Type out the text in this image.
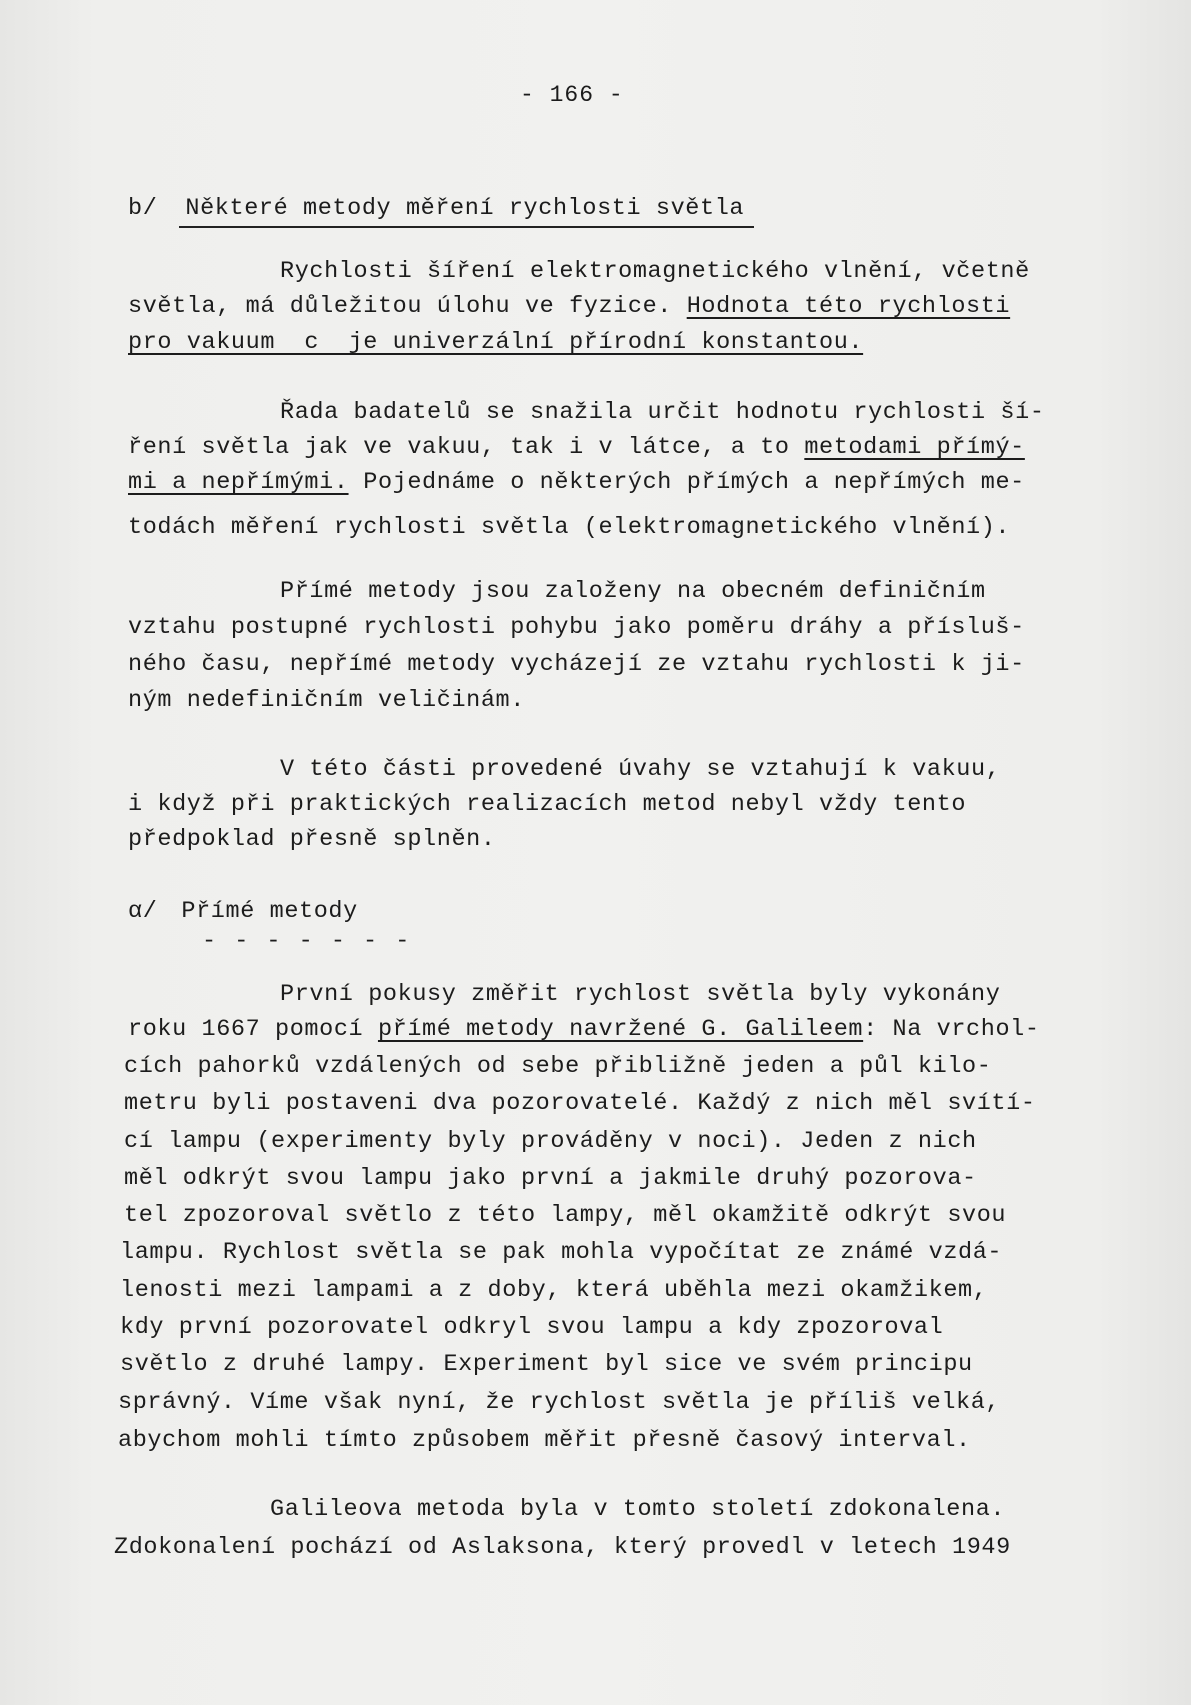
- 166 -
b/ Některé metody měření rychlosti světla
Rychlosti šíření elektromagnetického vlnění, včetně
světla, má důležitou úlohu ve fyzice. Hodnota této rychlosti
pro vakuum  c  je univerzální přírodní konstantou.
Řada badatelů se snažila určit hodnotu rychlosti ší-
ření světla jak ve vakuu, tak i v látce, a to metodami přímý-
mi a nepřímými. Pojednáme o některých přímých a nepřímých me-
todách měření rychlosti světla (elektromagnetického vlnění).
Přímé metody jsou založeny na obecném definičním
vztahu postupné rychlosti pohybu jako poměru dráhy a přísluš-
ného času, nepřímé metody vycházejí ze vztahu rychlosti k ji-
ným nedefiničním veličinám.
V této části provedené úvahy se vztahují k vakuu,
i když při praktických realizacích metod nebyl vždy tento
předpoklad přesně splněn.
α/ Přímé metody
- - - - - - -
První pokusy změřit rychlost světla byly vykonány
roku 1667 pomocí přímé metody navržené G. Galileem: Na vrchol-
cích pahorků vzdálených od sebe přibližně jeden a půl kilo-
metru byli postaveni dva pozorovatelé. Každý z nich měl svítí-
cí lampu (experimenty byly prováděny v noci). Jeden z nich
měl odkrýt svou lampu jako první a jakmile druhý pozorova-
tel zpozoroval světlo z této lampy, měl okamžitě odkrýt svou
lampu. Rychlost světla se pak mohla vypočítat ze známé vzdá-
lenosti mezi lampami a z doby, která uběhla mezi okamžikem,
kdy první pozorovatel odkryl svou lampu a kdy zpozoroval
světlo z druhé lampy. Experiment byl sice ve svém principu
správný. Víme však nyní, že rychlost světla je příliš velká,
abychom mohli tímto způsobem měřit přesně časový interval.
Galileova metoda byla v tomto století zdokonalena.
Zdokonalení pochází od Aslaksona, který provedl v letech 1949
